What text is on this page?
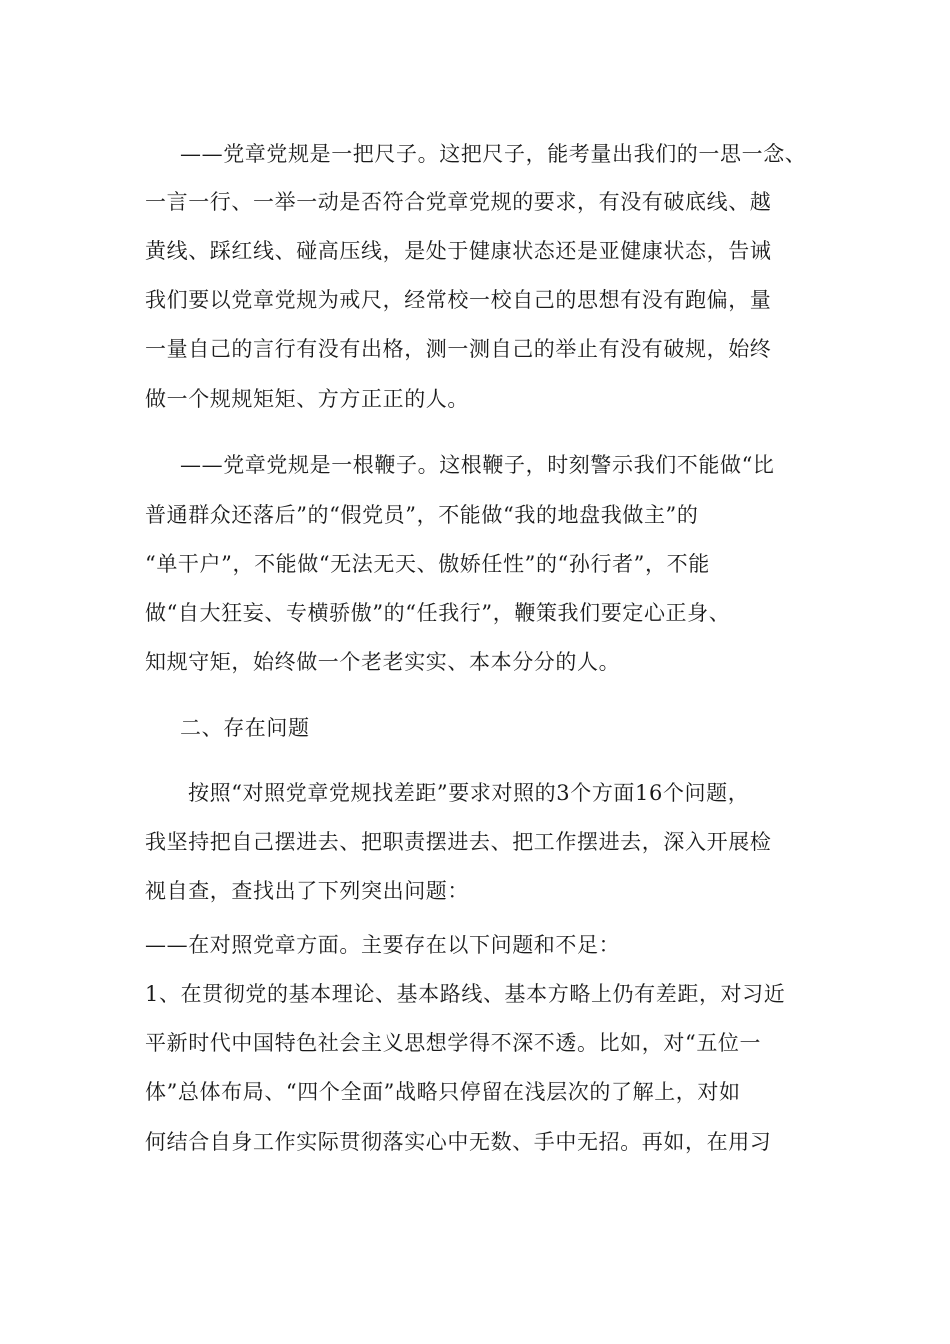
——党章党规是一把尺子。这把尺子，能考量出我们的一思一念、
一言一行、一举一动是否符合党章党规的要求，有没有破底线、越
黄线、踩红线、碰高压线，是处于健康状态还是亚健康状态，告诫
我们要以党章党规为戒尺，经常校一校自己的思想有没有跑偏，量
一量自己的言行有没有出格，测一测自己的举止有没有破规，始终
做一个规规矩矩、方方正正的人。
——党章党规是一根鞭子。这根鞭子，时刻警示我们不能做“比
普通群众还落后”的“假党员”，不能做“我的地盘我做主”的
“单干户”，不能做“无法无天、傲娇任性”的“孙行者”，不能
做“自大狂妄、专横骄傲”的“任我行”，鞭策我们要定心正身、
知规守矩，始终做一个老老实实、本本分分的人。
二、存在问题
按照“对照党章党规找差距”要求对照的3个方面16个问题，
我坚持把自己摆进去、把职责摆进去、把工作摆进去，深入开展检
视自查，查找出了下列突出问题：
——在对照党章方面。主要存在以下问题和不足：
1、在贯彻党的基本理论、基本路线、基本方略上仍有差距，对习近
平新时代中国特色社会主义思想学得不深不透。比如，对“五位一
体”总体布局、“四个全面”战略只停留在浅层次的了解上，对如
何结合自身工作实际贯彻落实心中无数、手中无招。再如，在用习
